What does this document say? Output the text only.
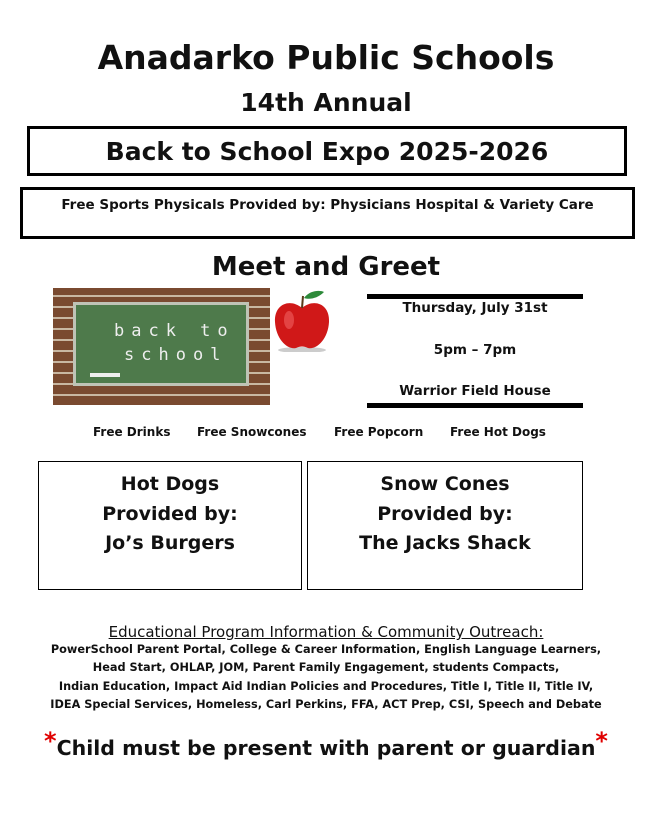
Anadarko Public Schools
14th Annual
Back to School Expo 2025-2026
Free Sports Physicals Provided by: Physicians Hospital & Variety Care
Meet and Greet
back to
school
Thursday, July 31st
5pm – 7pm
Warrior Field House
Free Drinks Free Snowcones Free Popcorn Free Hot Dogs
Hot Dogs
Provided by:
Jo’s Burgers
Snow Cones
Provided by:
The Jacks Shack
Educational Program Information & Community Outreach:
PowerSchool Parent Portal, College & Career Information, English Language Learners,
Head Start, OHLAP, JOM, Parent Family Engagement, students Compacts,
Indian Education, Impact Aid Indian Policies and Procedures, Title I, Title II, Title IV,
IDEA Special Services, Homeless, Carl Perkins, FFA, ACT Prep, CSI, Speech and Debate
*Child must be present with parent or guardian*
